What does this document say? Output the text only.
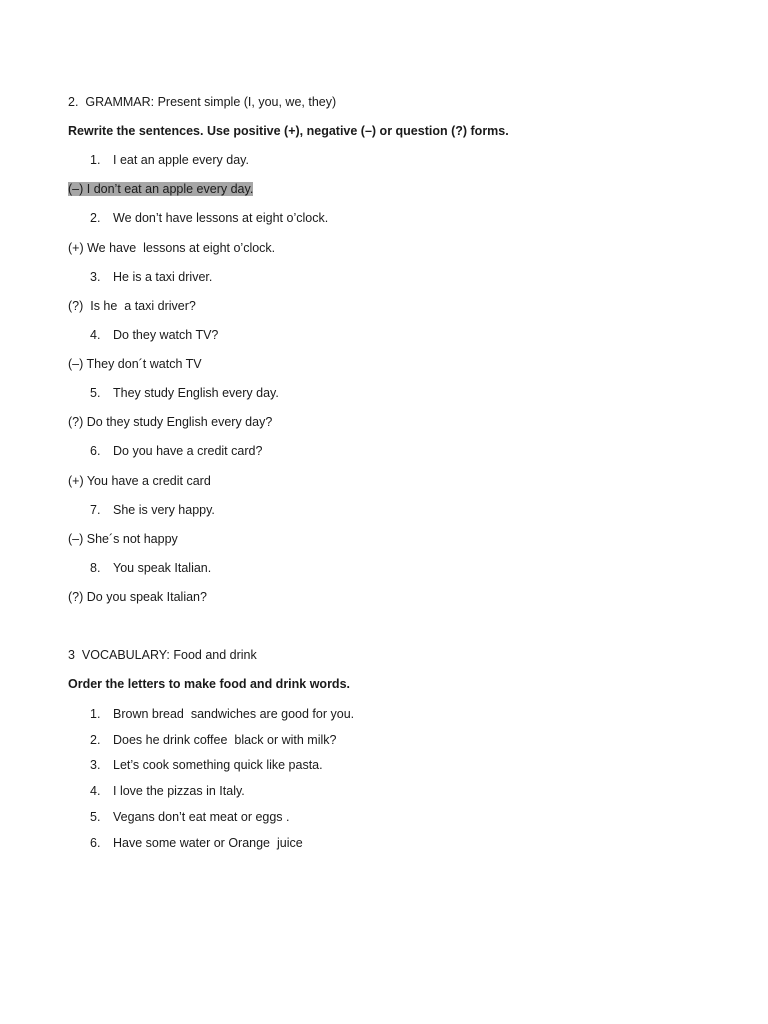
2.  GRAMMAR: Present simple (I, you, we, they)
Rewrite the sentences. Use positive (+), negative (–) or question (?) forms.
1. I eat an apple every day.
(–) I don’t eat an apple every day.
2. We don’t have lessons at eight o’clock.
(+) We have  lessons at eight o’clock.
3. He is a taxi driver.
(?)  Is he  a taxi driver?
4. Do they watch TV?
(–) They don´t watch TV
5. They study English every day.
(?) Do they study English every day?
6. Do you have a credit card?
(+) You have a credit card
7. She is very happy.
(–) She´s not happy
8. You speak Italian.
(?) Do you speak Italian?
3  VOCABULARY: Food and drink
Order the letters to make food and drink words.
1. Brown bread  sandwiches are good for you.
2. Does he drink coffee  black or with milk?
3. Let’s cook something quick like pasta.
4. I love the pizzas in Italy.
5. Vegans don’t eat meat or eggs .
6. Have some water or Orange  juice
